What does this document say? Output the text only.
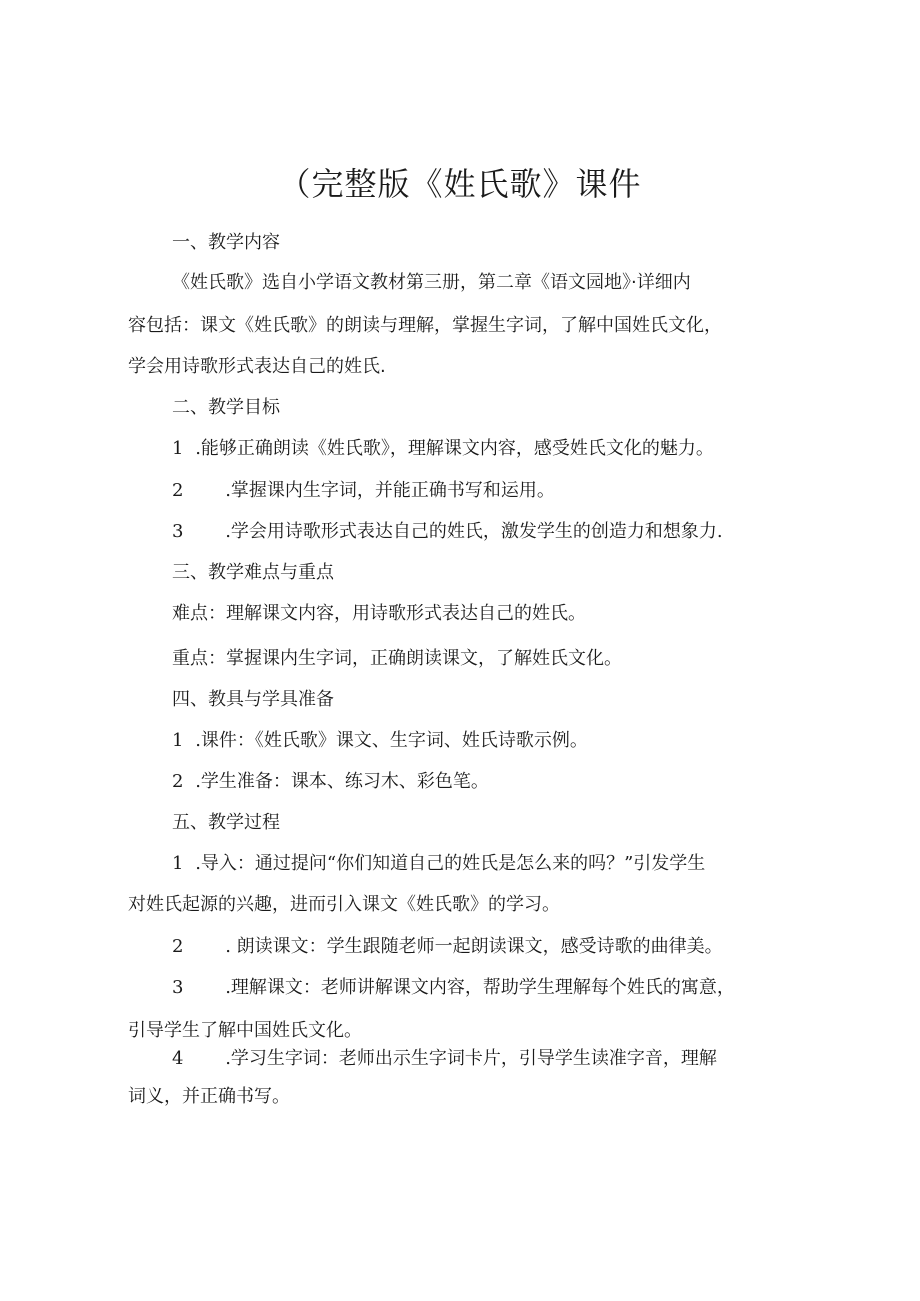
（完整版《姓氏歌》课件
一、教学内容
《姓氏歌》选自小学语文教材第三册，第二章《语文园地》·详细内
容包括：课文《姓氏歌》的朗读与理解，掌握生字词，了解中国姓氏文化，
学会用诗歌形式表达自己的姓氏.
二、教学目标
1 .能够正确朗读《姓氏歌》，理解课文内容，感受姓氏文化的魅力。
2 .掌握课内生字词，并能正确书写和运用。
3 .学会用诗歌形式表达自己的姓氏，激发学生的创造力和想象力.
三、教学难点与重点
难点：理解课文内容，用诗歌形式表达自己的姓氏。
重点：掌握课内生字词，正确朗读课文，了解姓氏文化。
四、教具与学具准备
1 .课件：《姓氏歌》课文、生字词、姓氏诗歌示例。
2 .学生准备：课本、练习木、彩色笔。
五、教学过程
1 .导入：通过提问“你们知道自己的姓氏是怎么来的吗？”引发学生
对姓氏起源的兴趣，进而引入课文《姓氏歌》的学习。
2 . 朗读课文：学生跟随老师一起朗读课文，感受诗歌的曲律美。
3 .理解课文：老师讲解课文内容，帮助学生理解每个姓氏的寓意，
引导学生了解中国姓氏文化。
4 .学习生字词：老师出示生字词卡片，引导学生读准字音，理解
词义，并正确书写。
